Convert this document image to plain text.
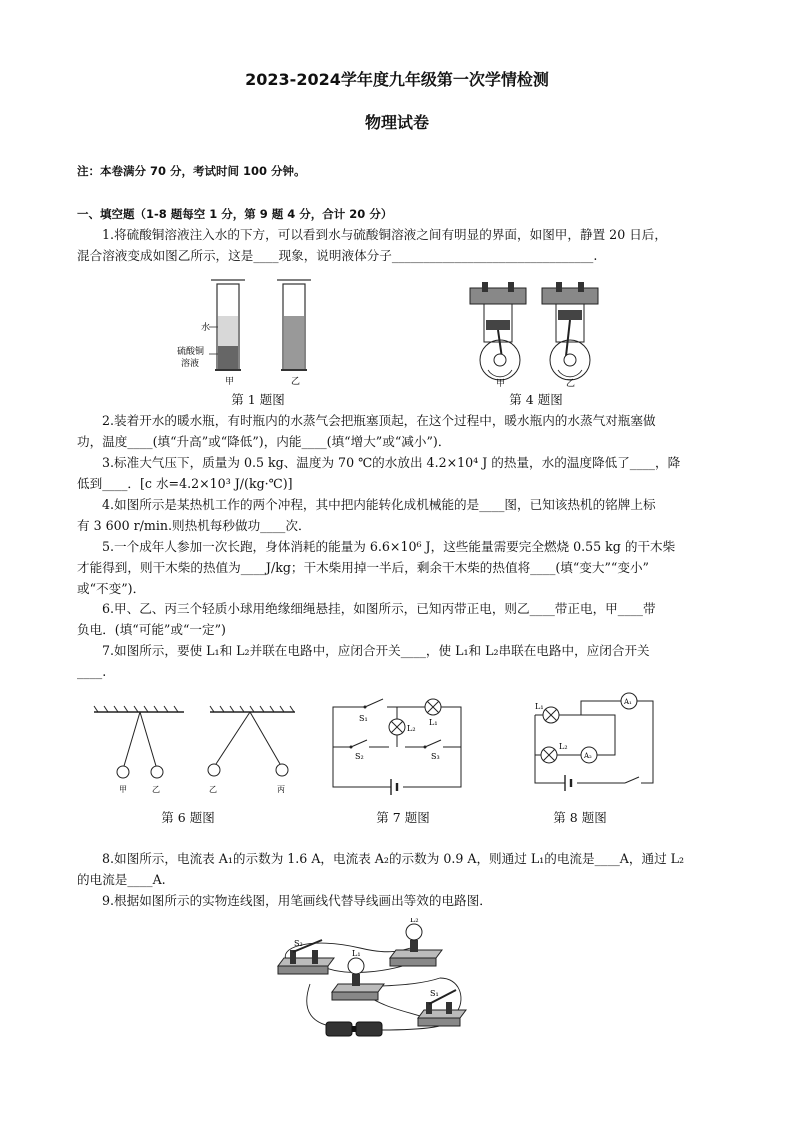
2023-2024学年度九年级第一次学情检测
物理试卷
注：本卷满分 70 分，考试时间 100 分钟。
一、填空题（1-8 题每空 1 分，第 9 题 4 分，合计 20 分）
1.将硫酸铜溶液注入水的下方，可以看到水与硫酸铜溶液之间有明显的界面，如图甲，静置 20 日后，
混合溶液变成如图乙所示，这是____现象，说明液体分子________________________________.
水
硫酸铜
溶液
甲	乙
第 1 题图
甲	乙
第 4 题图
2.装着开水的暖水瓶，有时瓶内的水蒸气会把瓶塞顶起，在这个过程中，暖水瓶内的水蒸气对瓶塞做
功，温度____(填“升高”或“降低”)，内能____(填“增大”或“减小”)．
3.标准大气压下，质量为 0.5 kg、温度为 70 ℃的水放出 4.2×10⁴ J 的热量，水的温度降低了____，降
低到____．[c 水=4.2×10³ J/(kg·℃)]
4.如图所示是某热机工作的两个冲程，其中把内能转化成机械能的是____图，已知该热机的铭牌上标
有 3 600 r/min.则热机每秒做功____次．
5.一个成年人参加一次长跑，身体消耗的能量为 6.6×10⁶ J，这些能量需要完全燃烧 0.55 kg 的干木柴
才能得到，则干木柴的热值为____J/kg；干木柴用掉一半后，剩余干木柴的热值将____(填“变大”“变小”
或“不变”)．
6.甲、乙、丙三个轻质小球用绝缘细绳悬挂，如图所示，已知丙带正电，则乙____带正电，甲____带
负电．(填“可能”或“一定”)
7.如图所示，要使 L₁和 L₂并联在电路中，应闭合开关____，使 L₁和 L₂串联在电路中，应闭合开关
____.
甲	乙	乙	丙
第 6 题图
S₁
S₂	S₃
L₁
L₂
第 7 题图
L₁
L₂
A₁
A₂
第 8 题图
8.如图所示，电流表 A₁的示数为 1.6 A，电流表 A₂的示数为 0.9 A，则通过 L₁的电流是____A，通过 L₂
的电流是____A.
9.根据如图所示的实物连线图，用笔画线代替导线画出等效的电路图．
S₂
L₂
L₁
S₁
